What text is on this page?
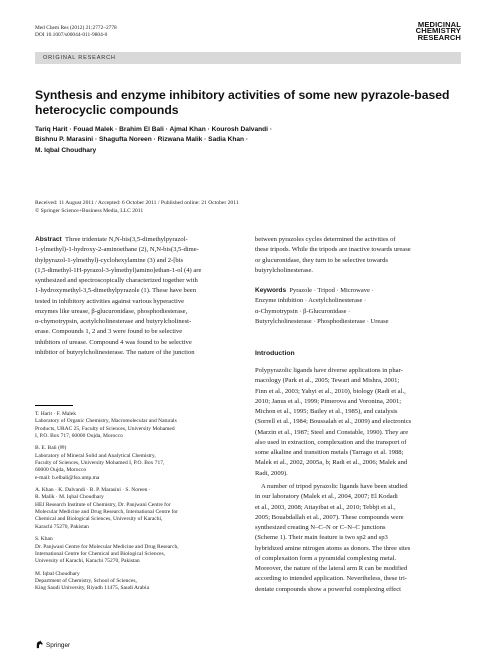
Med Chem Res (2012) 21:2772–2778
DOI 10.1007/s00044-011-9804-0
MEDICINAL
CHEMISTRY
RESEARCH
ORIGINAL RESEARCH
Synthesis and enzyme inhibitory activities of some new pyrazole-based heterocyclic compounds
Tariq Harit · Fouad Malek · Brahim El Bali · Ajmal Khan · Kourosh Dalvandi ·
Bishnu P. Marasini · Shagufta Noreen · Rizwana Malik · Sadia Khan ·
M. Iqbal Choudhary
Received: 11 August 2011 / Accepted: 6 October 2011 / Published online: 21 October 2011
© Springer Science+Business Media, LLC 2011
Abstract Three tridentate N,N-bis(3,5-dimethylpyrazol-
1-ylmethyl)-1-hydroxy-2-aminoethane (2), N,N-bis(3,5-dime-
thylpyrazol-1-ylmethyl)-cyclohexylamine (3) and 2-[bis
(1,5-dimethyl-1H-pyrazol-3-ylmethyl)amino]ethan-1-ol (4) are
synthesized and spectroscopically characterized together with
1-hydroxymethyl-3,5-dimethylpyrazole (1). These have been
tested in inhibitory activities against various hyperactive
enzymes like urease, β-glucuronidase, phosphodiesterase,
α-chymotrypsin, acetylcholinesterase and butyrylcholinest-
erase. Compounds 1, 2 and 3 were found to be selective
inhibitors of urease. Compound 4 was found to be selective
inhibitor of butyrylcholinesterase. The nature of the junction

T. Harit · F. Malek
Laboratory of Organic Chemistry, Macromolecular and Naturals
Products, URAC 25, Faculty of Sciences, University Mohamed
I, P.O. Box 717, 60000 Oujda, Morocco

B. E. Bali (✉)
Laboratory of Mineral Solid and Analytical Chemistry,
Faculty of Sciences, University Mohamed I, P.O. Box 717,
60000 Oujda, Morocco
e-mail: b.elbali@fso.ump.ma

A. Khan · K. Dalvandi · B. P. Marasini · S. Noreen ·
R. Malik · M. Iqbal Choudhary
HEJ Research Institute of Chemistry, Dr. Panjwani Centre for
Molecular Medicine and Drug Research, International Centre for
Chemical and Biological Sciences, University of Karachi,
Karachi 75270, Pakistan

S. Khan
Dr. Panjwani Centre for Molecular Medicine and Drug Research,
International Centre for Chemical and Biological Sciences,
University of Karachi, Karachi 75270, Pakistan

M. Iqbal Choudhary
Department of Chemistry, School of Sciences,
King Saudi University, Riyadh 11475, Saudi Arabia

between pyrazoles cycles determined the activities of
these tripods. While the tripods are inactive towards urease
or glucuronidase, they turn to be selective towards
butyrylcholinesterase.
Keywords Pyrazole · Tripod · Microwave ·
Enzyme inhibition · Acetylcholinesterase ·
α-Chymotrypsin · β-Glucuronidase ·
Butyrylcholinesterase · Phosphodiesterase · Urease
Introduction
Polypyrazolic ligands have diverse applications in phar-
macology (Park et al., 2005; Tewari and Mishra, 2001;
Finn et al., 2003; Yahyi et al., 2010), biology (Radi et al.,
2010; Janus et al., 1999; Pimerova and Voronina, 2001;
Michon et al., 1995; Bailey et al., 1985), and catalysis
(Sorrell et al., 1984; Boussalah et al., 2009) and electronics
(Marzin et al., 1987; Steel and Constable, 1990). They are
also used in extraction, complexation and the transport of
some alkaline and transition metals (Tarrago et al. 1988;
Malek et al., 2002, 2005a, b; Radi et al., 2006; Malek and
Radi, 2009).
A number of tripod pyrazolic ligands have been studied
in our laboratory (Malek et al., 2004, 2007; El Kodadi
et al., 2003, 2008; Attayibat et al., 2010; Tebbji et al.,
2005; Bouabdallah et al., 2007). These compounds were
synthesized creating N–C–N or C–N–C junctions
(Scheme 1). Their main feature is two sp2 and sp3
hybridized amine nitrogen atoms as donors. The three sites
of complexation form a pyramidal complexing metal.
Moreover, the nature of the lateral arm R can be modified
according to intended application. Nevertheless, these tri-
dentate compounds show a powerful complexing effect
Springer
